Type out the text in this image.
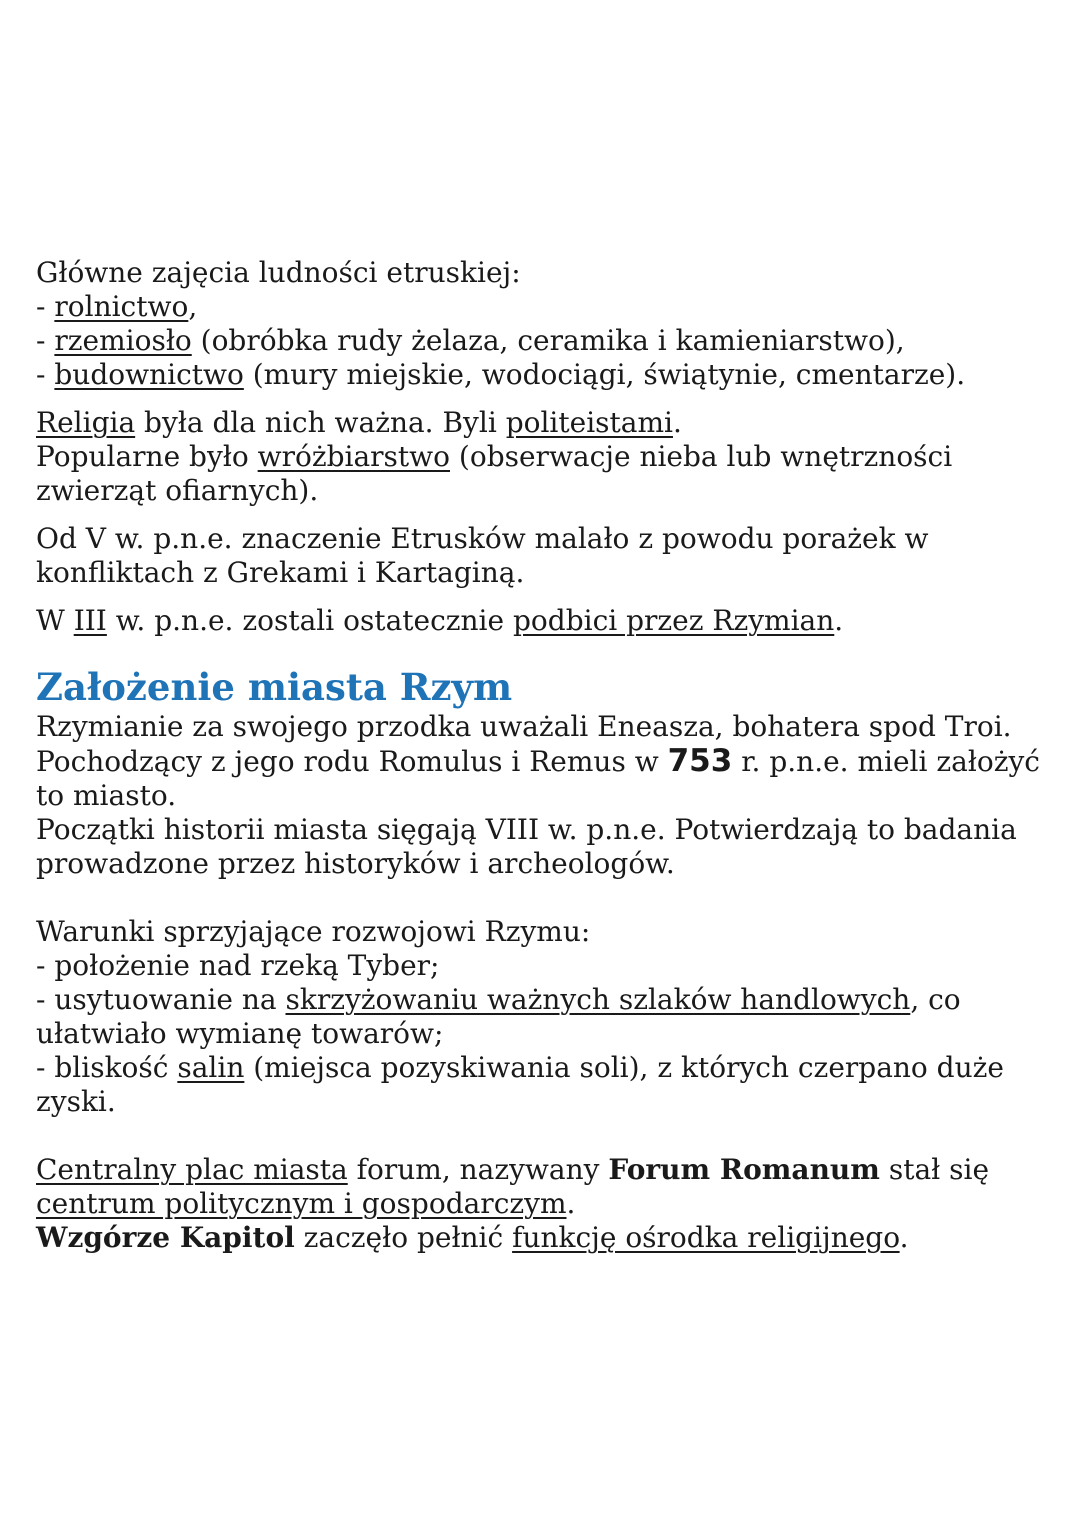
Główne zajęcia ludności etruskiej:

- rolnictwo,

- rzemiosło (obróbka rudy żelaza, ceramika i kamieniarstwo),

- budownictwo (mury miejskie, wodociągi, świątynie, cmentarze).

Religia była dla nich ważna. Byli politeistami.

Popularne było wróżbiarstwo (obserwacje nieba lub wnętrzności zwierząt ofiarnych).

Od V w. p.n.e. znaczenie Etrusków malało z powodu porażek w konfliktach z Grekami i Kartaginą.

W III w. p.n.e. zostali ostatecznie podbici przez Rzymian.

Założenie miasta Rzym

Rzymianie za swojego przodka uważali Eneasza, bohatera spod Troi.

Pochodzący z jego rodu Romulus i Remus w 753 r. p.n.e. mieli założyć to miasto.

Początki historii miasta sięgają VIII w. p.n.e. Potwierdzają to badania prowadzone przez historyków i archeologów.

Warunki sprzyjające rozwojowi Rzymu:

- położenie nad rzeką Tyber;

- usytuowanie na skrzyżowaniu ważnych szlaków handlowych, co ułatwiało wymianę towarów;

- bliskość salin (miejsca pozyskiwania soli), z których czerpano duże zyski.

Centralny plac miasta forum, nazywany Forum Romanum stał się centrum politycznym i gospodarczym.

Wzgórze Kapitol zaczęło pełnić funkcję ośrodka religijnego.
